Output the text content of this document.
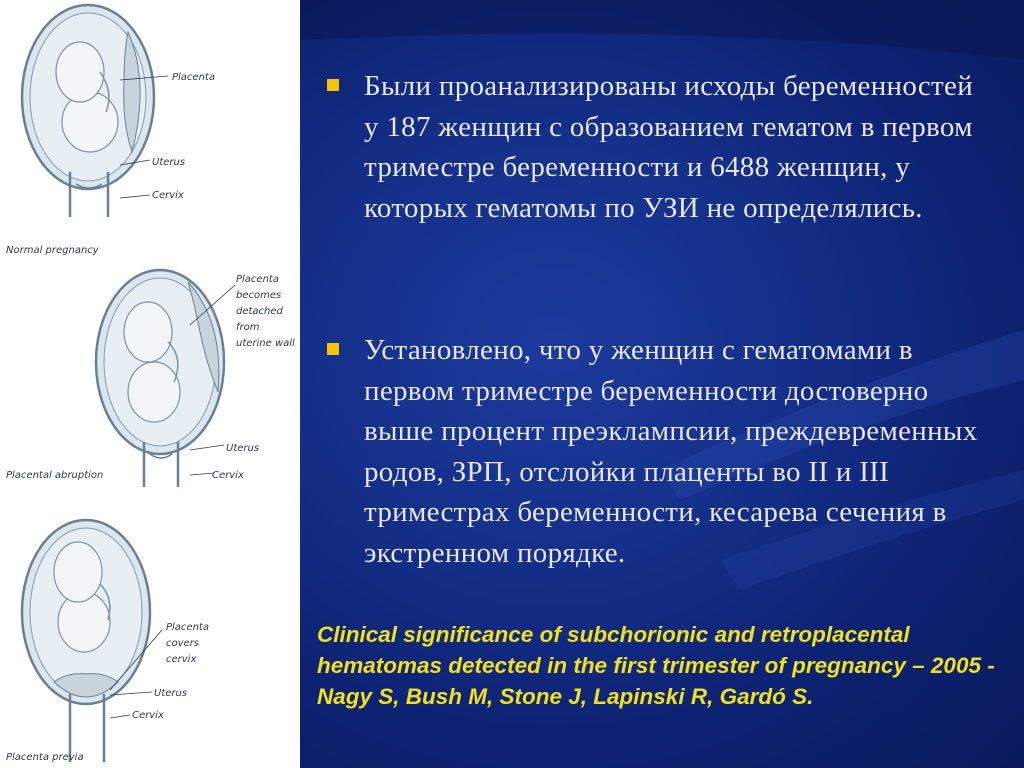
Placenta
Uterus
Cervix
Normal pregnancy
Placenta
becomes
detached
from
uterine wall
Uterus
Cervix
Placental abruption
Placenta
covers
cervix
Uterus
Cervix
Placenta previa
Были проанализированы исходы беременностей у 187 женщин с образованием гематом в первом триместре беременности и 6488 женщин, у которых гематомы по УЗИ не определялись.
Установлено, что у женщин с гематомами в первом триместре беременности достоверно выше процент преэклампсии, преждевременных родов, ЗРП, отслойки плаценты во II и III триместрах беременности, кесарева сечения в экстренном порядке.
Clinical significance of subchorionic and retroplacental hematomas detected in the first trimester of pregnancy – 2005 - Nagy S, Bush M, Stone J, Lapinski R, Gardó S.
